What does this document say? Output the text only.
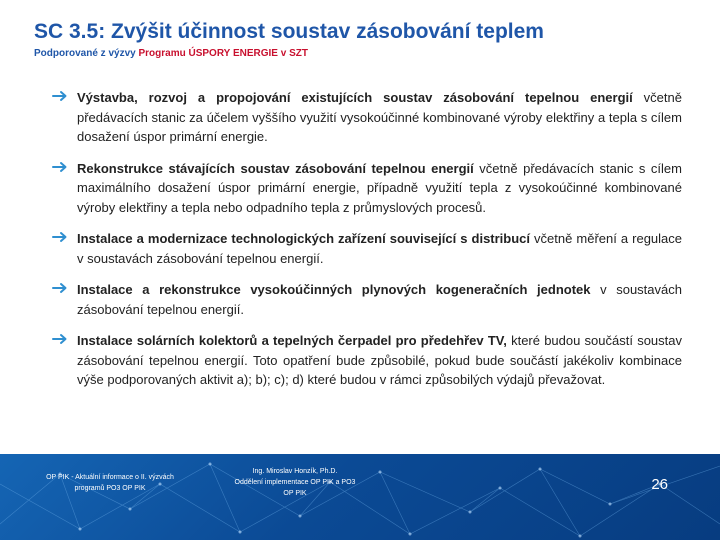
SC 3.5: Zvýšit účinnost soustav zásobování teplem
Podporované z výzvy Programu ÚSPORY ENERGIE v SZT
Výstavba, rozvoj a propojování existujících soustav zásobování tepelnou energií včetně předávacích stanic za účelem vyššího využití vysokoúčinné kombinované výroby elektřiny a tepla s cílem dosažení úspor primární energie.
Rekonstrukce stávajících soustav zásobování tepelnou energií včetně předávacích stanic s cílem maximálního dosažení úspor primární energie, případně využití tepla z vysokoúčinné kombinované výroby elektřiny a tepla nebo odpadního tepla z průmyslových procesů.
Instalace a modernizace technologických zařízení související s distribucí včetně měření a regulace v soustavách zásobování tepelnou energií.
Instalace a rekonstrukce vysokoúčinných plynových kogeneračních jednotek v soustavách zásobování tepelnou energií.
Instalace solárních kolektorů a tepelných čerpadel pro předehřev TV, které budou součástí soustav zásobování tepelnou energií. Toto opatření bude způsobilé, pokud bude součástí jakékoliv kombinace výše podporovaných aktivit a); b); c); d) které budou v rámci způsobilých výdajů převažovat.
OP PIK - Aktuální informace o II. výzvách
programů PO3 OP PIK
Ing. Miroslav Honzík, Ph.D.
Oddělení implementace OP PIK a PO3
OP PIK
26
